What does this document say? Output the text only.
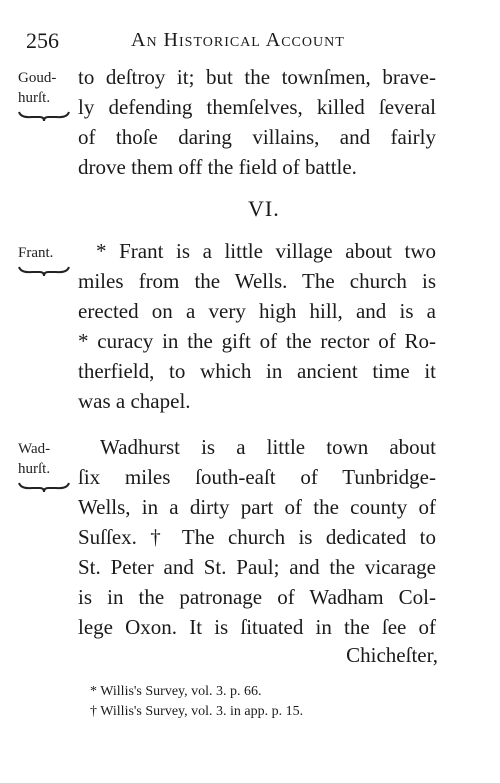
256	An Historical Account
Goud-
hurſt.
Frant.
Wad-
hurſt.
to deſtroy it; but the townſmen, brave-
ly defending themſelves, killed ſeveral
of thoſe daring villains, and fairly
drove them off the field of battle.
VI.
* Frant is a little village about two
miles from the Wells. The church is
erected on a very high hill, and is a
* curacy in the gift of the rector of Ro-
therfield, to which in ancient time it
was a chapel.
Wadhurst is a little town about
ſix miles ſouth-eaſt of Tunbridge-
Wells, in a dirty part of the county of
Suſſex. † The church is dedicated to
St. Peter and St. Paul; and the vicarage
is in the patronage of Wadham Col-
lege Oxon. It is ſituated in the ſee of
Chicheſter,
* Willis's Survey, vol. 3. p. 66.
† Willis's Survey, vol. 3. in app. p. 15.
